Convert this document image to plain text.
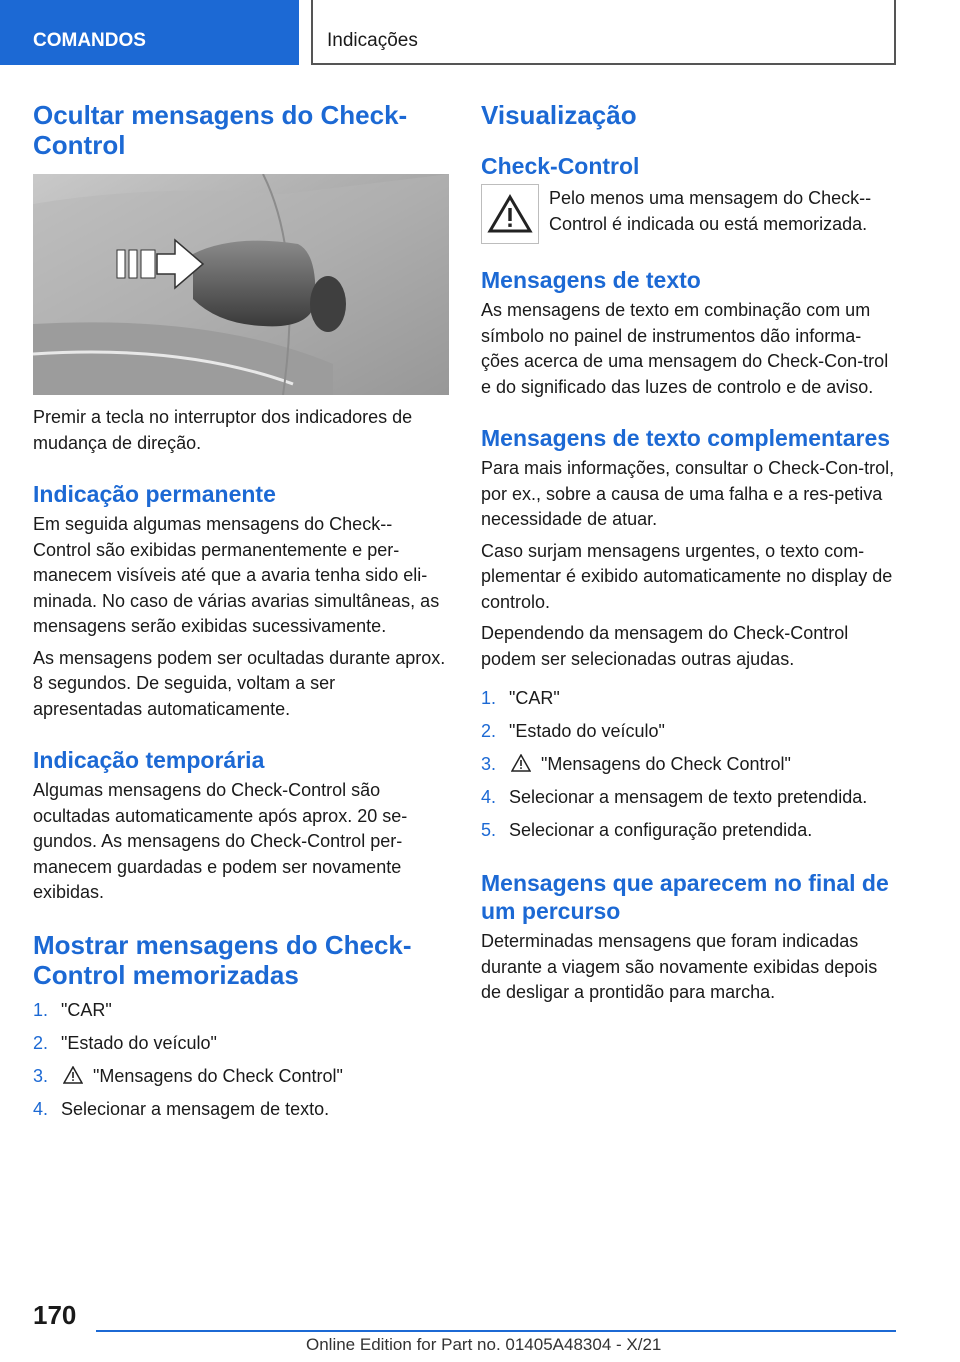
COMANDOS	Indicações
Ocultar mensagens do Check-Control

Premir a tecla no interruptor dos indicadores de mudança de direção.

Indicação permanente

Em seguida algumas mensagens do Check--Control são exibidas permanentemente e per-manecem visíveis até que a avaria tenha sido eli-minada. No caso de várias avarias simultâneas, as mensagens serão exibidas sucessivamente.

As mensagens podem ser ocultadas durante aprox. 8 segundos. De seguida, voltam a ser apresentadas automaticamente.

Indicação temporária

Algumas mensagens do Check-Control são ocultadas automaticamente após aprox. 20 se-gundos. As mensagens do Check-Control per-manecem guardadas e podem ser novamente exibidas.

Mostrar mensagens do Check-Control memorizadas
1. "CAR"
2. "Estado do veículo"
3.	"Mensagens do Check Control"
4. Selecionar a mensagem de texto.
Visualização
Check-Control

Pelo menos uma mensagem do Check--Control é indicada ou está memorizada.

Mensagens de texto

As mensagens de texto em combinação com um símbolo no painel de instrumentos dão informa-ções acerca de uma mensagem do Check-Con-trol e do significado das luzes de controlo e de aviso.

Mensagens de texto complementares

Para mais informações, consultar o Check-Con-trol, por ex., sobre a causa de uma falha e a res-petiva necessidade de atuar.

Caso surjam mensagens urgentes, o texto com-plementar é exibido automaticamente no display de controlo.

Dependendo da mensagem do Check-Control podem ser selecionadas outras ajudas.

1. "CAR"
2. "Estado do veículo"
3.	"Mensagens do Check Control"
4. Selecionar a mensagem de texto pretendida.
5. Selecionar a configuração pretendida.
Mensagens que aparecem no final de um percurso

Determinadas mensagens que foram indicadas durante a viagem são novamente exibidas depois de desligar a prontidão para marcha.

170
Online Edition for Part no. 01405A48304 - X/21
